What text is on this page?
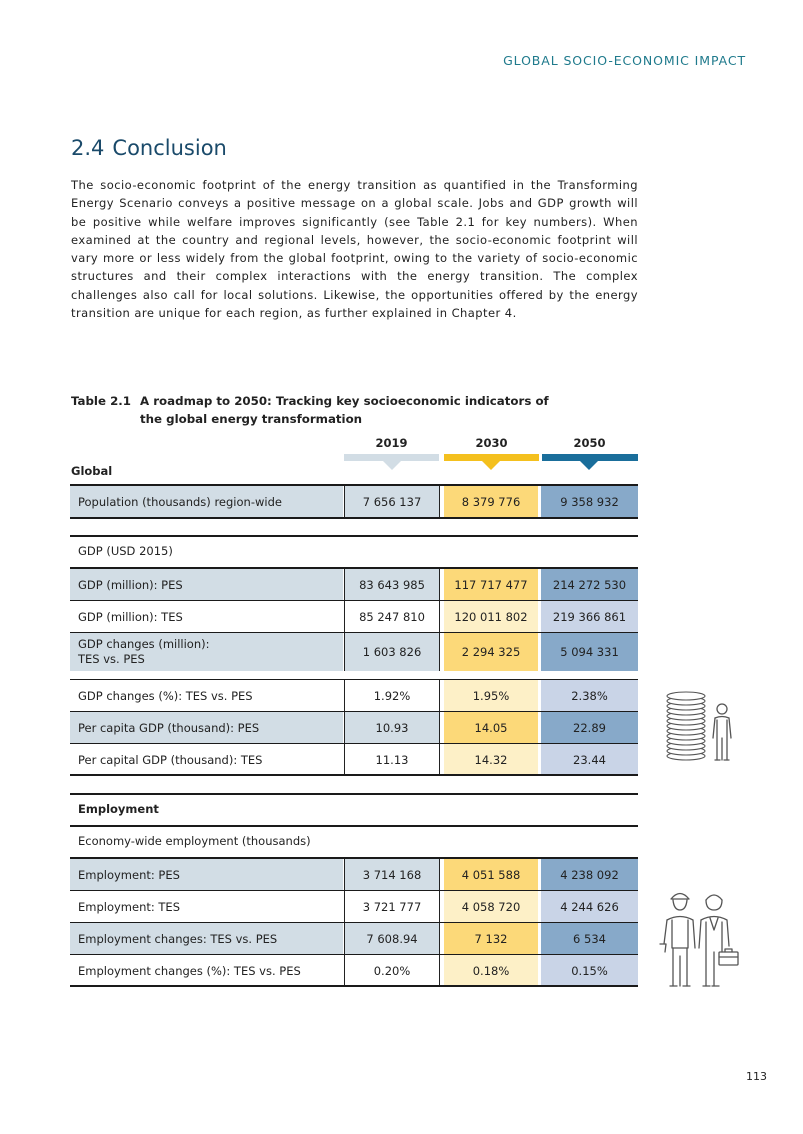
GLOBAL SOCIO-ECONOMIC IMPACT
2.4 Conclusion

The socio-economic footprint of the energy transition as quantified in the Transforming Energy Scenario conveys a positive message on a global scale. Jobs and GDP growth will be positive while welfare improves significantly (see Table 2.1 for key numbers). When examined at the country and regional levels, however, the socio-economic footprint will vary more or less widely from the global footprint, owing to the variety of socio-economic structures and their complex interactions with the energy transition. The complex challenges also call for local solutions. Likewise, the opportunities offered by the energy transition are unique for each region, as further explained in Chapter 4.

Table 2.1 A roadmap to 2050: Tracking key socioeconomic indicators of the global energy transformation
2019	2030	2050
Global
Population (thousands) region-wide	7 656 137	8 379 776	9 358 932
GDP (USD 2015)
GDP (million): PES	83 643 985	117 717 477	214 272 530
GDP (million): TES	85 247 810	120 011 802	219 366 861
GDP changes (million):
TES vs. PES	1 603 826	2 294 325	5 094 331
GDP changes (%): TES vs. PES	1.92%	1.95%	2.38%
Per capita GDP (thousand): PES	10.93	14.05	22.89
Per capital GDP (thousand): TES	11.13	14.32	23.44
Employment
Economy-wide employment (thousands)
Employment: PES	3 714 168	4 051 588	4 238 092
Employment: TES	3 721 777	4 058 720	4 244 626
Employment changes: TES vs. PES	7 608.94	7 132	6 534
Employment changes (%): TES vs. PES	0.20%	0.18%	0.15%
113
